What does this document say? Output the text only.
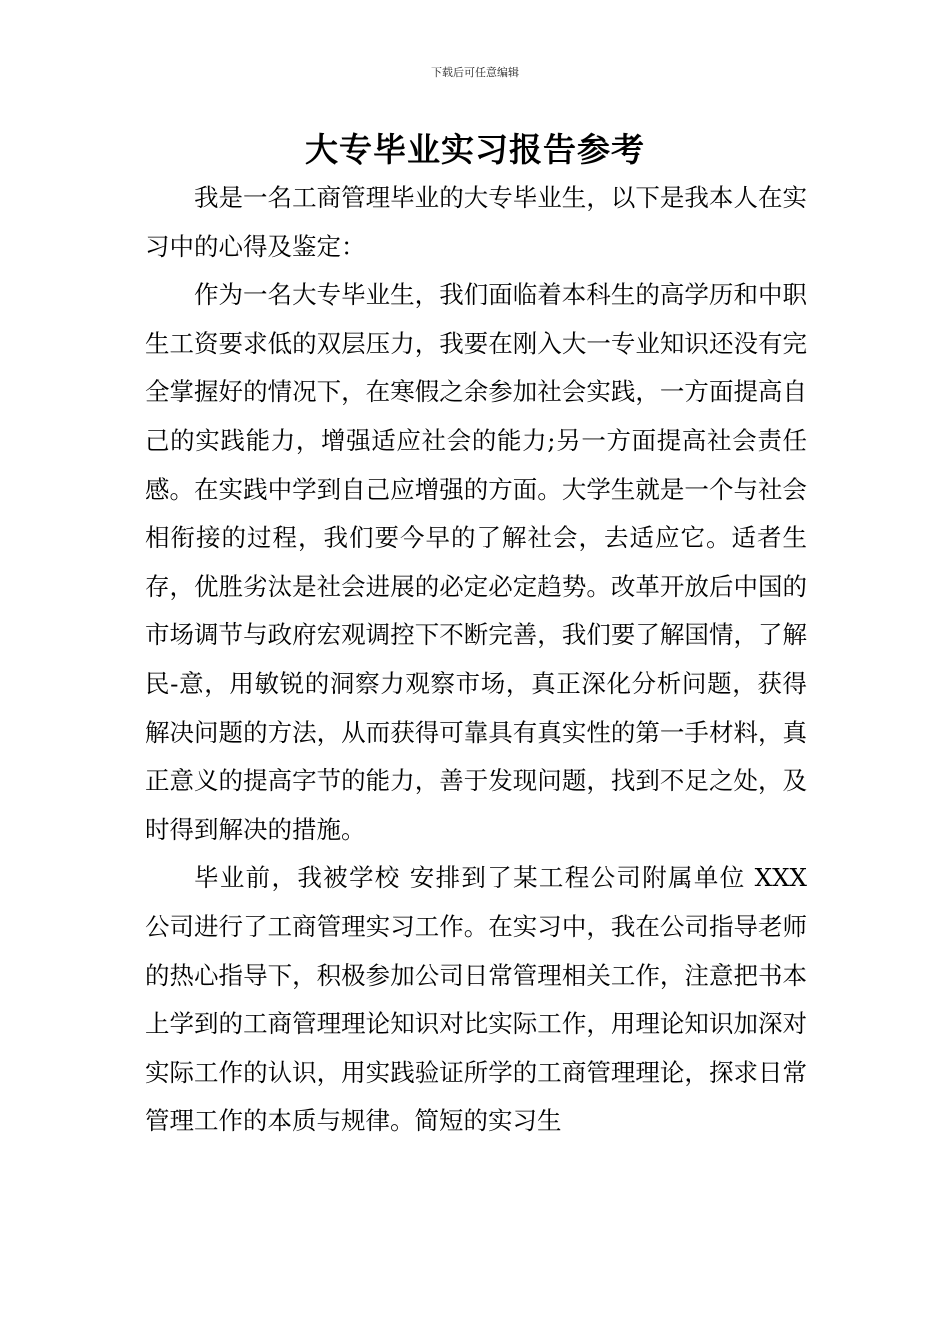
下载后可任意编辑
大专毕业实习报告参考

我是一名工商管理毕业的大专毕业生，以下是我本人在实习中的心得及鉴定：

作为一名大专毕业生，我们面临着本科生的高学历和中职生工资要求低的双层压力，我要在刚入大一专业知识还没有完全掌握好的情况下，在寒假之余参加社会实践，一方面提高自己的实践能力，增强适应社会的能力;另一方面提高社会责任感。在实践中学到自己应增强的方面。大学生就是一个与社会相衔接的过程，我们要今早的了解社会，去适应它。适者生存，优胜劣汰是社会进展的必定必定趋势。改革开放后中国的市场调节与政府宏观调控下不断完善，我们要了解国情，了解民-意，用敏锐的洞察力观察市场，真正深化分析问题，获得解决问题的方法，从而获得可靠具有真实性的第一手材料，真正意义的提高字节的能力，善于发现问题，找到不足之处，及时得到解决的措施。

毕业前，我被学校 安排到了某工程公司附属单位 XXX 公司进行了工商管理实习工作。在实习中，我在公司指导老师的热心指导下，积极参加公司日常管理相关工作，注意把书本上学到的工商管理理论知识对比实际工作，用理论知识加深对实际工作的认识，用实践验证所学的工商管理理论，探求日常管理工作的本质与规律。简短的实习生
